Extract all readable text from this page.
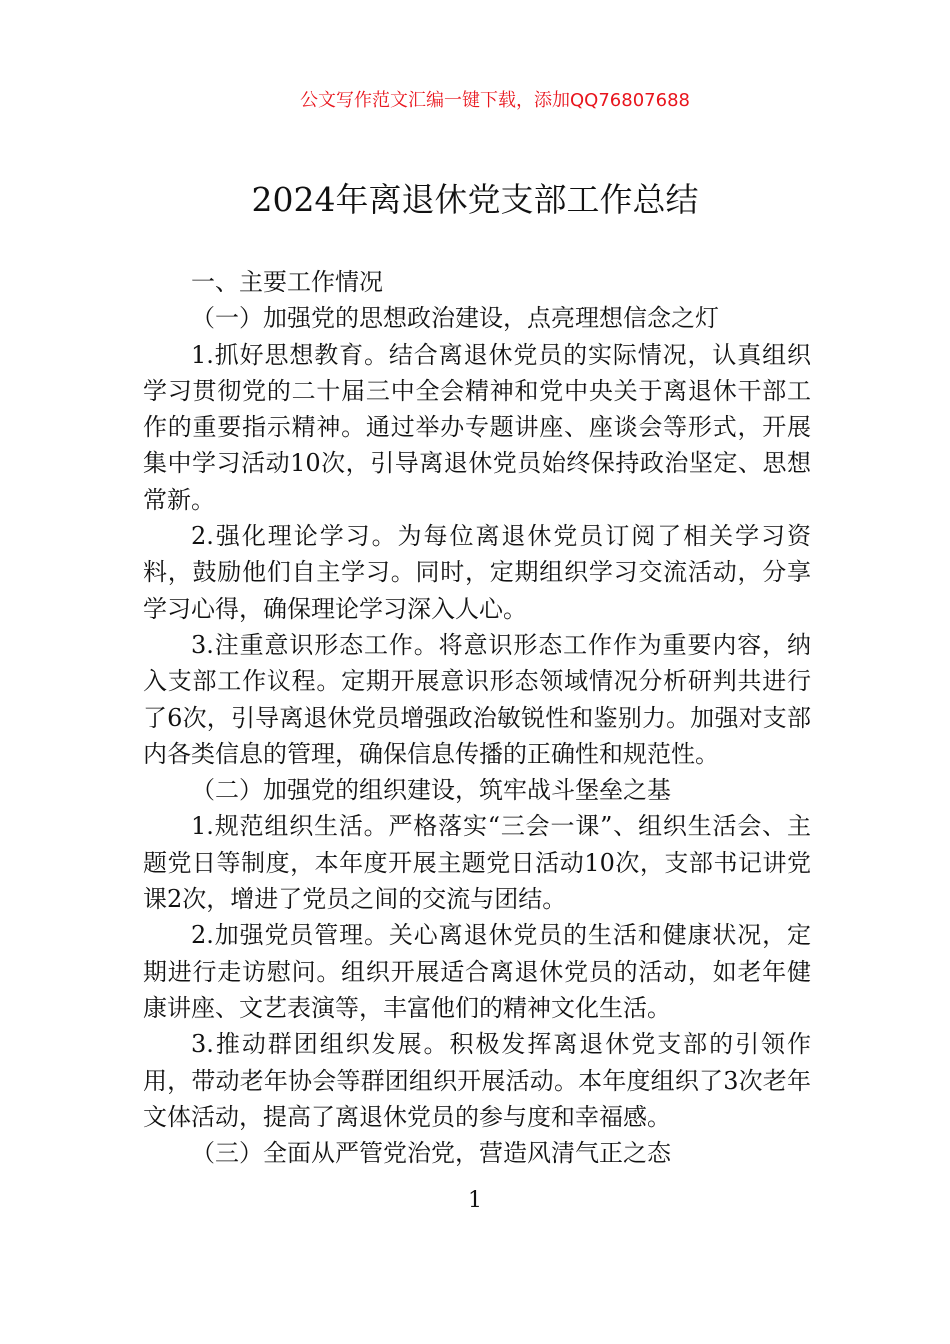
公文写作范文汇编一键下载，添加QQ76807688
2024年离退休党支部工作总结

一、主要工作情况

（一）加强党的思想政治建设，点亮理想信念之灯

1.抓好思想教育。结合离退休党员的实际情况，认真组织学习贯彻党的二十届三中全会精神和党中央关于离退休干部工作的重要指示精神。通过举办专题讲座、座谈会等形式，开展集中学习活动10次，引导离退休党员始终保持政治坚定、思想常新。

2.强化理论学习。为每位离退休党员订阅了相关学习资料，鼓励他们自主学习。同时，定期组织学习交流活动，分享学习心得，确保理论学习深入人心。

3.注重意识形态工作。将意识形态工作作为重要内容，纳入支部工作议程。定期开展意识形态领域情况分析研判共进行了6次，引导离退休党员增强政治敏锐性和鉴别力。加强对支部内各类信息的管理，确保信息传播的正确性和规范性。

（二）加强党的组织建设，筑牢战斗堡垒之基

1.规范组织生活。严格落实“三会一课”、组织生活会、主题党日等制度，本年度开展主题党日活动10次，支部书记讲党课2次，增进了党员之间的交流与团结。

2.加强党员管理。关心离退休党员的生活和健康状况，定期进行走访慰问。组织开展适合离退休党员的活动，如老年健康讲座、文艺表演等，丰富他们的精神文化生活。

3.推动群团组织发展。积极发挥离退休党支部的引领作用，带动老年协会等群团组织开展活动。本年度组织了3次老年文体活动，提高了离退休党员的参与度和幸福感。

（三）全面从严管党治党，营造风清气正之态

1
